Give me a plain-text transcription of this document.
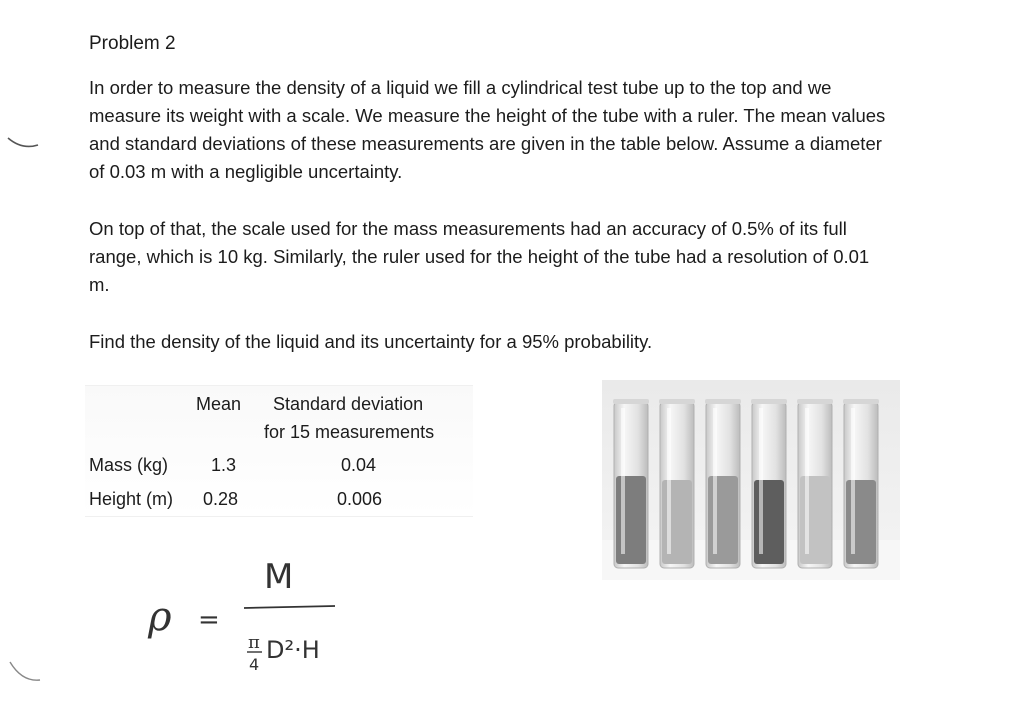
Problem 2

In order to measure the density of a liquid we fill a cylindrical test tube up to the top and we measure its weight with a scale. We measure the height of the tube with a ruler. The mean values and standard deviations of these measurements are given in the table below. Assume a diameter of 0.03 m with a negligible uncertainty.

On top of that, the scale used for the mass measurements had an accuracy of 0.5% of its full range, which is 10 kg. Similarly, the ruler used for the height of the tube had a resolution of 0.01 m.

Find the density of the liquid and its uncertainty for a 95% probability.

Mean Standard deviation
for 15 measurements
Mass (kg) 1.3	0.04
Height (m) 0.28	0.006
ρ =
M
π
4
D²·H
